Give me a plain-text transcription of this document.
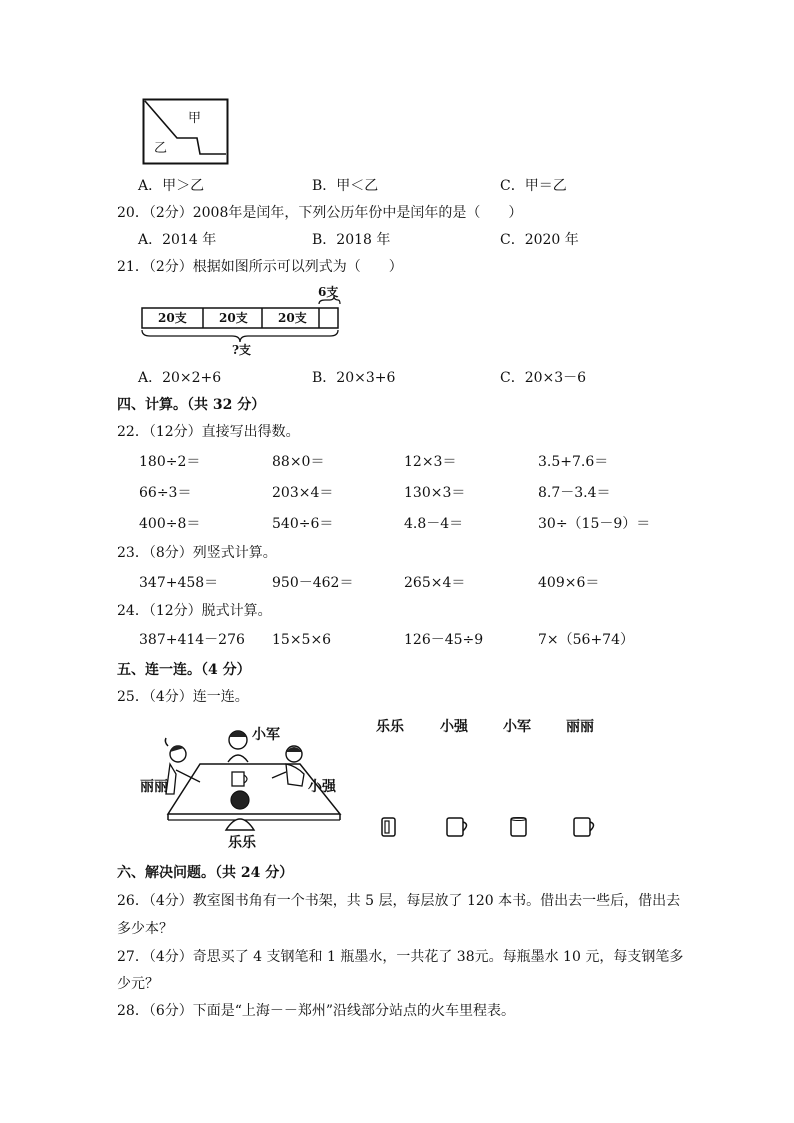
甲
乙
A．甲＞乙	B．甲＜乙	C．甲＝乙
20．（2分）2008年是闰年，下列公历年份中是闰年的是（　　）
A．2014 年	B．2018 年	C．2020 年
21．（2分）根据如图所示可以列式为（　　）
6支
20支	20支	20支
?支
A．20×2+6	B．20×3+6	C．20×3－6
四、计算。（共 32 分）
22．（12分）直接写出得数。
180÷2＝	88×0＝	12×3＝	3.5+7.6＝
66÷3＝	203×4＝	130×3＝	8.7－3.4＝
400÷8＝	540÷6＝	4.8－4＝	30÷（15－9）＝
23．（8分）列竖式计算。
347+458＝	950－462＝	265×4＝	409×6＝
24．（12分）脱式计算。
387+414－276 15×5×6	126－45÷9	7×（56+74）
五、连一连。（4 分）
25．（4分）连一连。
小军
丽丽	小强
乐乐
乐乐	小强	小军	丽丽
六、解决问题。（共 24 分）
26．（4分）教室图书角有一个书架，共 5 层，每层放了 120 本书。借出去一些后，借出去
多少本？
27．（4分）奇思买了 4 支钢笔和 1 瓶墨水，一共花了 38元。每瓶墨水 10 元，每支钢笔多
少元？
28．（6分）下面是“上海－－郑州”沿线部分站点的火车里程表。
